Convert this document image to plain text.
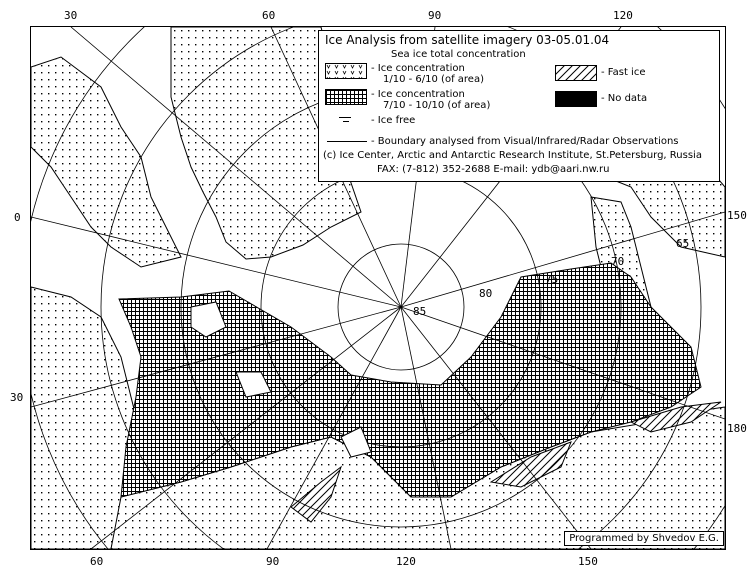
30	60	90	120
60	90	120	150
0
30
150
180
85
80
75
70
65
Ice Analysis from satellite imagery 03-05.01.04
Sea ice total concentration
- Ice concentration
1/10 - 6/10 (of area)
- Ice concentration
7/10 - 10/10 (of area)
- Fast ice
- No data
- Ice free
- Boundary analysed from Visual/Infrared/Radar Observations
(c) Ice Center, Arctic and Antarctic Research Institute, St.Petersburg, Russia
FAX: (7-812) 352-2688 E-mail: ydb@aari.nw.ru
Programmed by Shvedov E.G.
